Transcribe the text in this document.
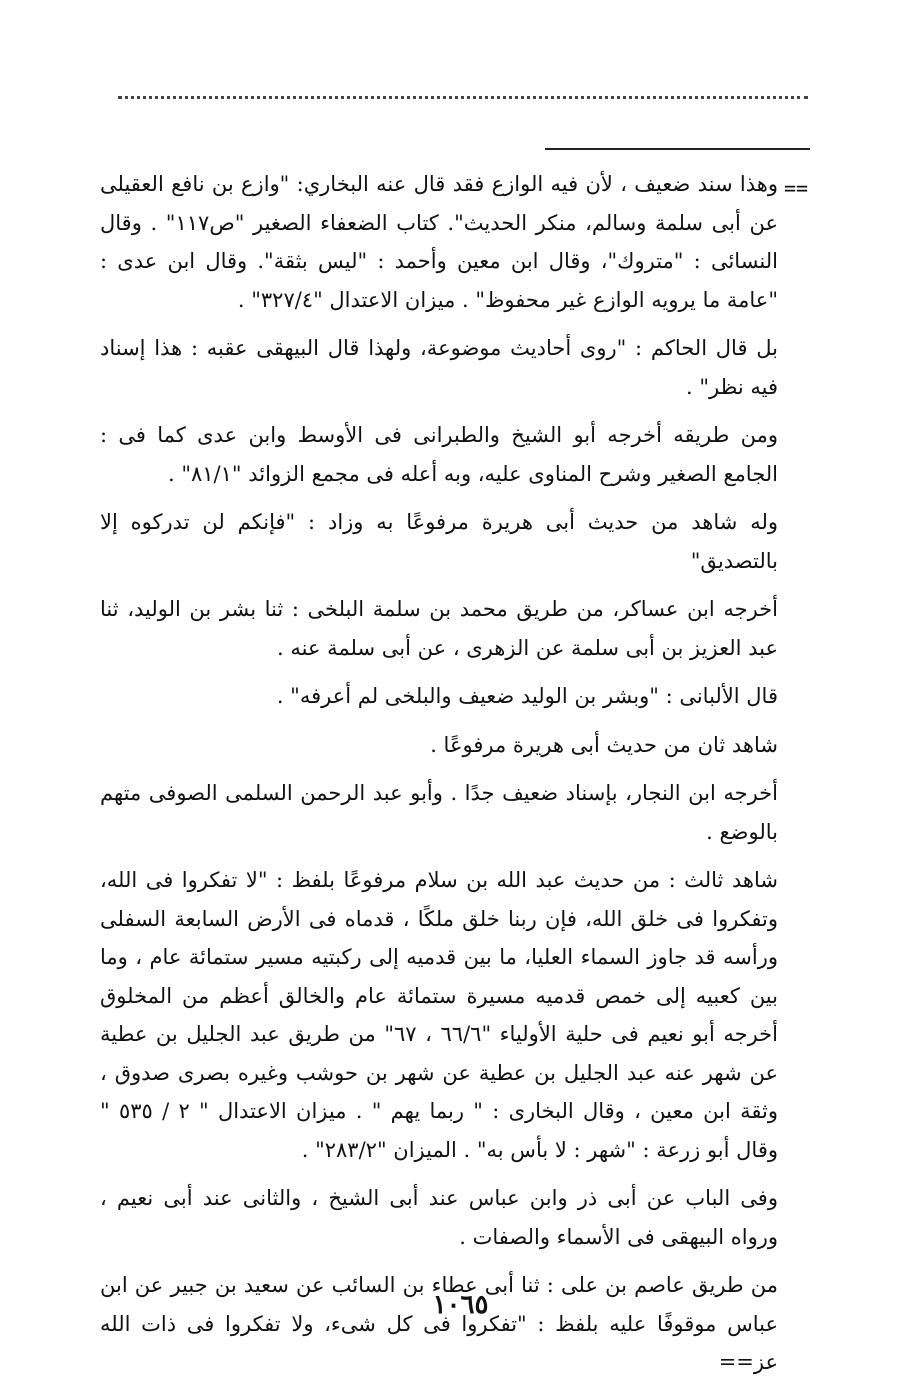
==

وهذا سند ضعيف ، لأن فيه الوازع فقد قال عنه البخاري: "وازع بن نافع العقيلى عن أبى سلمة وسالم، منكر الحديث". كتاب الضعفاء الصغير "ص١١٧" . وقال النسائى : "متروك"، وقال ابن معين وأحمد : "ليس بثقة". وقال ابن عدى : "عامة ما يرويه الوازع غير محفوظ" . ميزان الاعتدال "٣٢٧/٤" .

بل قال الحاكم : "روى أحاديث موضوعة، ولهذا قال البيهقى عقبه : هذا إسناد فيه نظر" .

ومن طريقه أخرجه أبو الشيخ والطبرانى فى الأوسط وابن عدى كما فى : الجامع الصغير وشرح المناوى عليه، وبه أعله فى مجمع الزوائد "٨١/١" .

وله شاهد من حديث أبى هريرة مرفوعًا به وزاد : "فإنكم لن تدركوه إلا بالتصديق"

أخرجه ابن عساكر، من طريق محمد بن سلمة البلخى : ثنا بشر بن الوليد، ثنا عبد العزيز بن أبى سلمة عن الزهرى ، عن أبى سلمة عنه .

قال الألبانى : "وبشر بن الوليد ضعيف والبلخى لم أعرفه" .

شاهد ثان من حديث أبى هريرة مرفوعًا .

أخرجه ابن النجار، بإسناد ضعيف جدًا . وأبو عبد الرحمن السلمى الصوفى متهم بالوضع .

شاهد ثالث : من حديث عبد الله بن سلام مرفوعًا بلفظ : "لا تفكروا فى الله، وتفكروا فى خلق الله، فإن ربنا خلق ملكًا ، قدماه فى الأرض السابعة السفلى ورأسه قد جاوز السماء العليا، ما بين قدميه إلى ركبتيه مسير ستمائة عام ، وما بين كعبيه إلى خمص قدميه مسيرة ستمائة عام والخالق أعظم من المخلوق أخرجه أبو نعيم فى حلية الأولياء "٦٦/٦ ، ٦٧" من طريق عبد الجليل بن عطية عن شهر عنه عبد الجليل بن عطية عن شهر بن حوشب وغيره بصرى صدوق ، وثقة ابن معين ، وقال البخارى : " ربما يهم " . ميزان الاعتدال " ٢ / ٥٣٥ " وقال أبو زرعة : "شهر : لا بأس به" . الميزان "٢٨٣/٢" .

وفى الباب عن أبى ذر وابن عباس عند أبى الشيخ ، والثانى عند أبى نعيم ، ورواه البيهقى فى الأسماء والصفات .

من طريق عاصم بن على : ثنا أبى عطاء بن السائب عن سعيد بن جبير عن ابن عباس موقوفًا عليه بلفظ : "تفكروا فى كل شىء، ولا تفكروا فى ذات الله عز==

١٠٦٥
